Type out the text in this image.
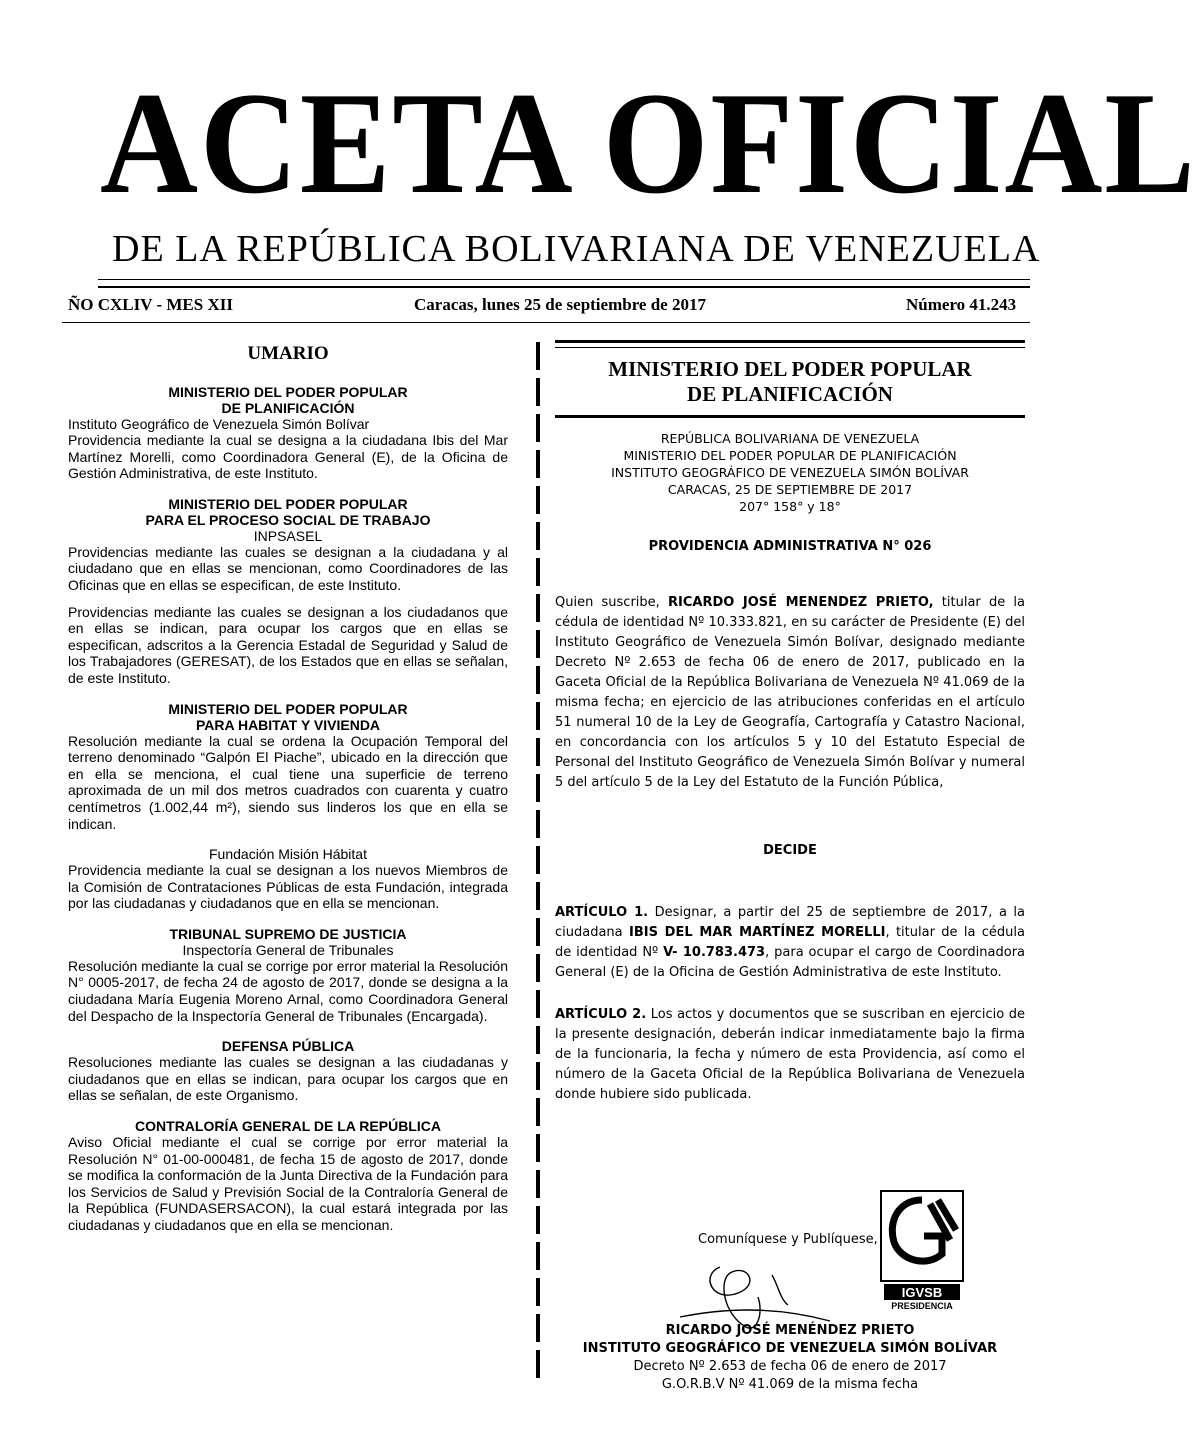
ACETA OFICIAL
DE LA REPÚBLICA BOLIVARIANA DE VENEZUELA
ÑO CXLIV - MES XII	Caracas, lunes 25 de septiembre de 2017	Número 41.243
UMARIO
MINISTERIO DEL PODER POPULAR
DE PLANIFICACIÓN
Instituto Geográfico de Venezuela Simón Bolívar
Providencia mediante la cual se designa a la ciudadana Ibis del Mar Martínez Morelli, como Coordinadora General (E), de la Oficina de Gestión Administrativa, de este Instituto.
MINISTERIO DEL PODER POPULAR
PARA EL PROCESO SOCIAL DE TRABAJO
INPSASEL
Providencias mediante las cuales se designan a la ciudadana y al ciudadano que en ellas se mencionan, como Coordinadores de las Oficinas que en ellas se especifican, de este Instituto.
Providencias mediante las cuales se designan a los ciudadanos que en ellas se indican, para ocupar los cargos que en ellas se especifican, adscritos a la Gerencia Estadal de Seguridad y Salud de los Trabajadores (GERESAT), de los Estados que en ellas se señalan, de este Instituto.
MINISTERIO DEL PODER POPULAR
PARA HABITAT Y VIVIENDA
Resolución mediante la cual se ordena la Ocupación Temporal del terreno denominado “Galpón El Piache”, ubicado en la dirección que en ella se menciona, el cual tiene una superficie de terreno aproximada de un mil dos metros cuadrados con cuarenta y cuatro centímetros (1.002,44 m²), siendo sus linderos los que en ella se indican.
Fundación Misión Hábitat
Providencia mediante la cual se designan a los nuevos Miembros de la Comisión de Contrataciones Públicas de esta Fundación, integrada por las ciudadanas y ciudadanos que en ella se mencionan.
TRIBUNAL SUPREMO DE JUSTICIA
Inspectoría General de Tribunales
Resolución mediante la cual se corrige por error material la Resolución N° 0005-2017, de fecha 24 de agosto de 2017, donde se designa a la ciudadana María Eugenia Moreno Arnal, como Coordinadora General del Despacho de la Inspectoría General de Tribunales (Encargada).
DEFENSA PÚBLICA
Resoluciones mediante las cuales se designan a las ciudadanas y ciudadanos que en ellas se indican, para ocupar los cargos que en ellas se señalan, de este Organismo.
CONTRALORÍA GENERAL DE LA REPÚBLICA
Aviso Oficial mediante el cual se corrige por error material la Resolución N° 01-00-000481, de fecha 15 de agosto de 2017, donde se modifica la conformación de la Junta Directiva de la Fundación para los Servicios de Salud y Previsión Social de la Contraloría General de la República (FUNDASERSACON), la cual estará integrada por las ciudadanas y ciudadanos que en ella se mencionan.
MINISTERIO DEL PODER POPULAR
DE PLANIFICACIÓN
REPÚBLICA BOLIVARIANA DE VENEZUELA
MINISTERIO DEL PODER POPULAR DE PLANIFICACIÓN
INSTITUTO GEOGRÁFICO DE VENEZUELA SIMÓN BOLÍVAR
CARACAS, 25 DE SEPTIEMBRE DE 2017
207° 158° y 18°
PROVIDENCIA ADMINISTRATIVA N° 026
Quien suscribe, RICARDO JOSÉ MENENDEZ PRIETO, titular de la cédula de identidad Nº 10.333.821, en su carácter de Presidente (E) del Instituto Geográfico de Venezuela Simón Bolívar, designado mediante Decreto Nº 2.653 de fecha 06 de enero de 2017, publicado en la Gaceta Oficial de la República Bolivariana de Venezuela Nº 41.069 de la misma fecha; en ejercicio de las atribuciones conferidas en el artículo 51 numeral 10 de la Ley de Geografía, Cartografía y Catastro Nacional, en concordancia con los artículos 5 y 10 del Estatuto Especial de Personal del Instituto Geográfico de Venezuela Simón Bolívar y numeral 5 del artículo 5 de la Ley del Estatuto de la Función Pública,
DECIDE
ARTÍCULO 1. Designar, a partir del 25 de septiembre de 2017, a la ciudadana IBIS DEL MAR MARTÍNEZ MORELLI, titular de la cédula de identidad Nº V- 10.783.473, para ocupar el cargo de Coordinadora General (E) de la Oficina de Gestión Administrativa de este Instituto.
ARTÍCULO 2. Los actos y documentos que se suscriban en ejercicio de la presente designación, deberán indicar inmediatamente bajo la firma de la funcionaria, la fecha y número de esta Providencia, así como el número de la Gaceta Oficial de la República Bolivariana de Venezuela donde hubiere sido publicada.
Comuníquese y Publíquese,
IGVSB
PRESIDENCIA
RICARDO JOSÉ MENÉNDEZ PRIETO
INSTITUTO GEOGRÁFICO DE VENEZUELA SIMÓN BOLÍVAR
Decreto Nº 2.653 de fecha 06 de enero de 2017
G.O.R.B.V Nº 41.069 de la misma fecha
